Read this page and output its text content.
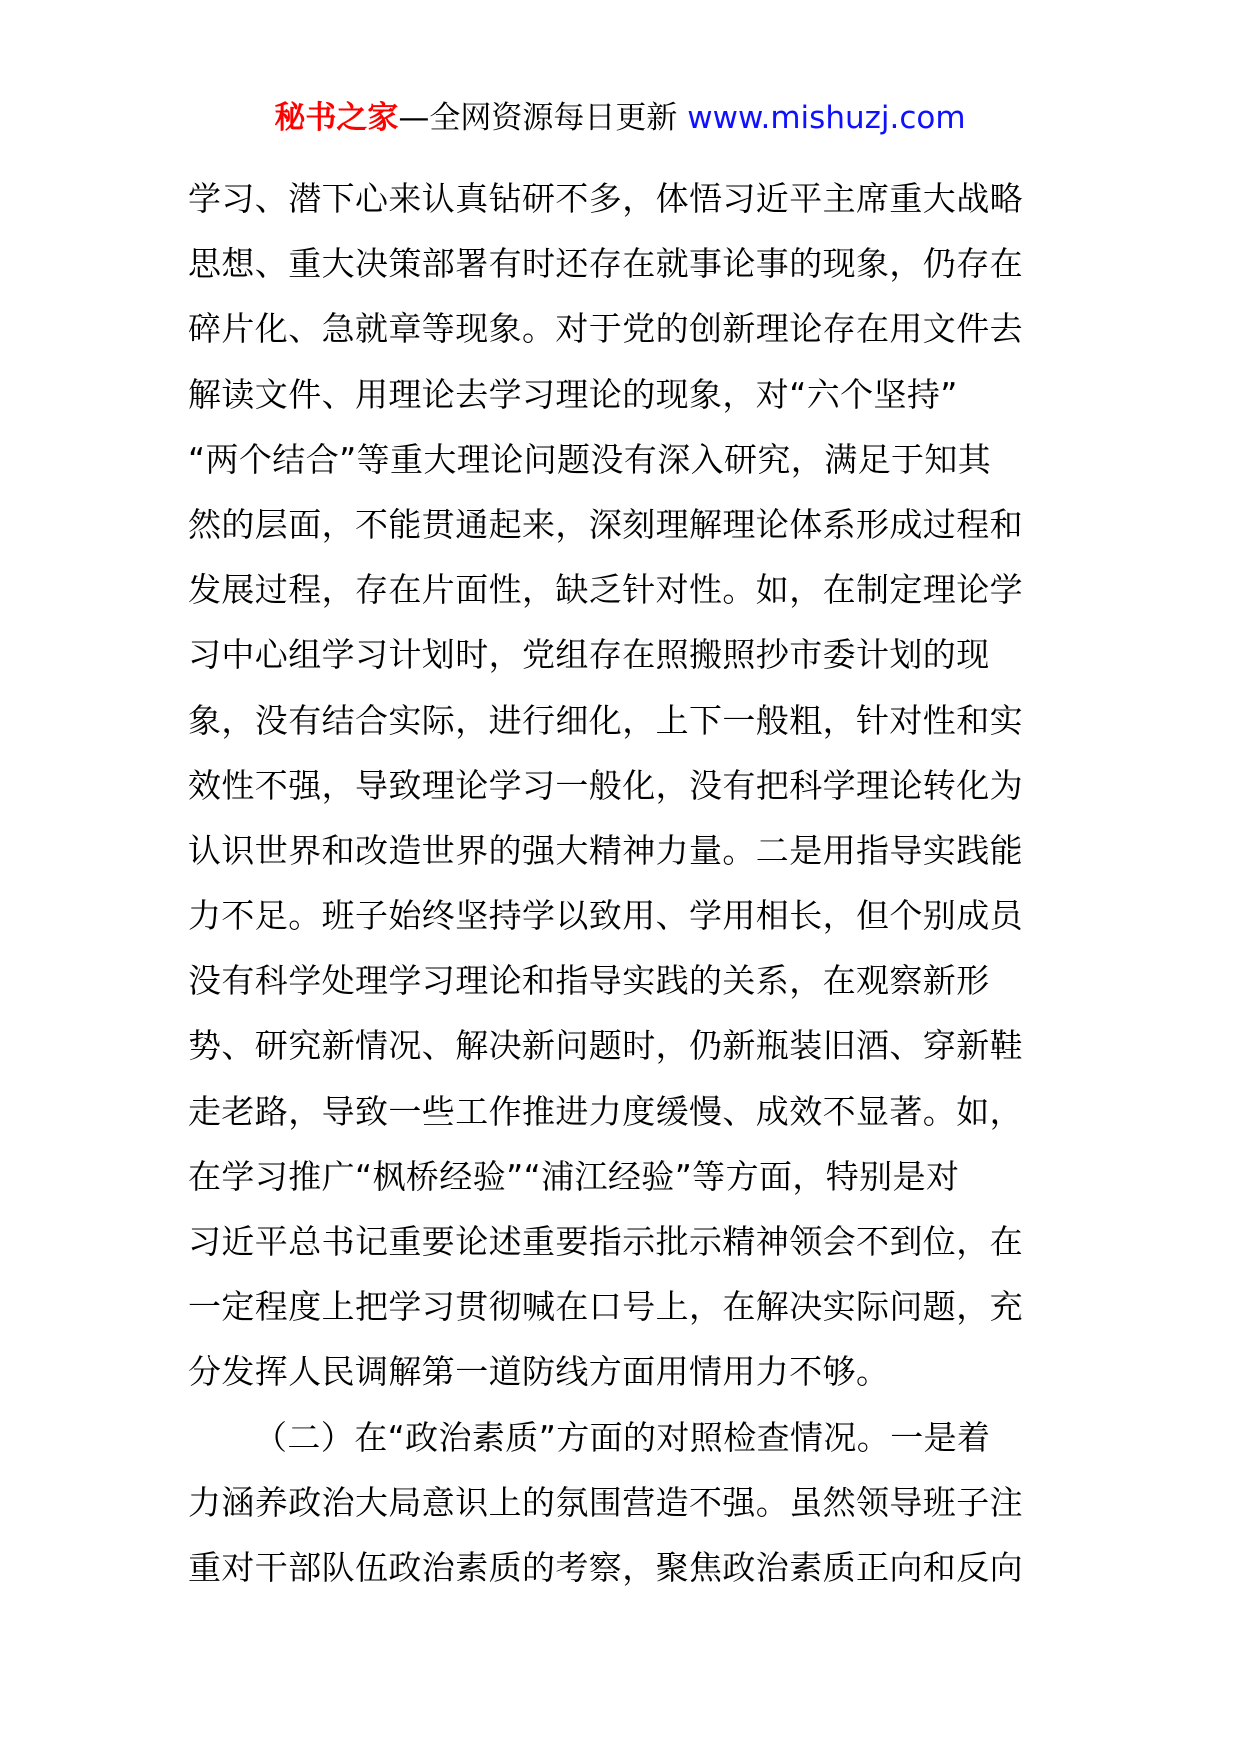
秘书之家—全网资源每日更新 www.mishuzj.com
学习、潜下心来认真钻研不多，体悟习近平主席重大战略
思想、重大决策部署有时还存在就事论事的现象，仍存在
碎片化、急就章等现象。对于党的创新理论存在用文件去
解读文件、用理论去学习理论的现象，对“六个坚持”
“两个结合”等重大理论问题没有深入研究，满足于知其
然的层面，不能贯通起来，深刻理解理论体系形成过程和
发展过程，存在片面性，缺乏针对性。如，在制定理论学
习中心组学习计划时，党组存在照搬照抄市委计划的现
象，没有结合实际，进行细化，上下一般粗，针对性和实
效性不强，导致理论学习一般化，没有把科学理论转化为
认识世界和改造世界的强大精神力量。二是用指导实践能
力不足。班子始终坚持学以致用、学用相长，但个别成员
没有科学处理学习理论和指导实践的关系，在观察新形
势、研究新情况、解决新问题时，仍新瓶装旧酒、穿新鞋
走老路，导致一些工作推进力度缓慢、成效不显著。如，
在学习推广“枫桥经验”“浦江经验”等方面，特别是对
习近平总书记重要论述重要指示批示精神领会不到位，在
一定程度上把学习贯彻喊在口号上，在解决实际问题，充
分发挥人民调解第一道防线方面用情用力不够。
（二）在“政治素质”方面的对照检查情况。一是着
力涵养政治大局意识上的氛围营造不强。虽然领导班子注
重对干部队伍政治素质的考察，聚焦政治素质正向和反向
